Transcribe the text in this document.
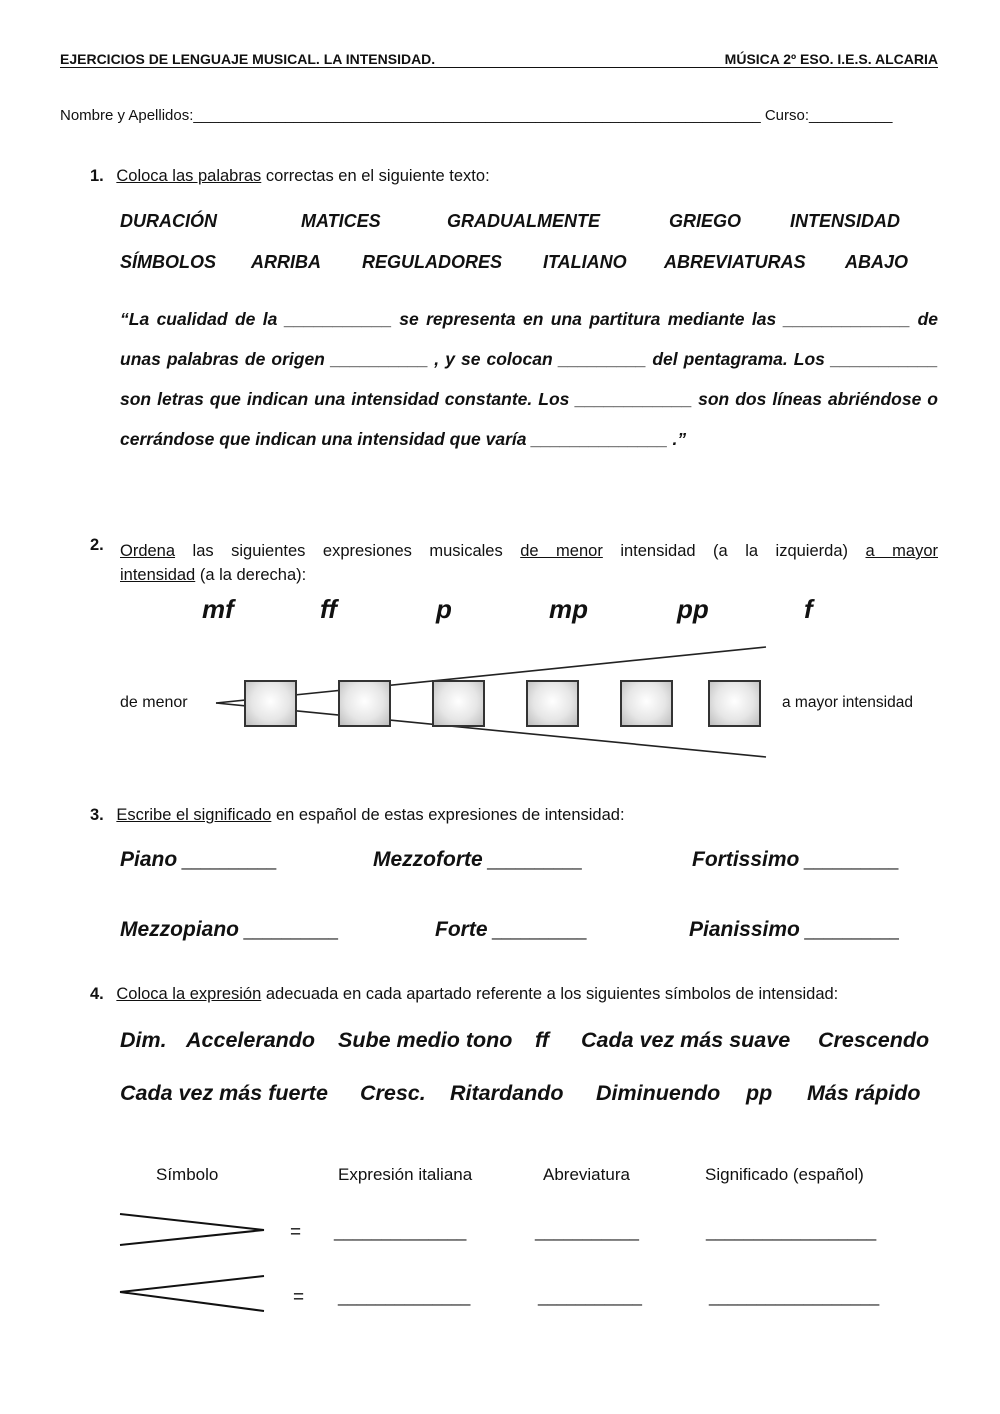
EJERCICIOS DE LENGUAJE MUSICAL. LA INTENSIDAD.	MÚSICA 2º ESO. I.E.S. ALCARIA
Nombre y Apellidos:____________________________________________________________________ Curso:__________
1. Coloca las palabras correctas en el siguiente texto:
DURACIÓN	MATICES	GRADUALMENTE	GRIEGO	INTENSIDAD
SÍMBOLOS ARRIBA REGULADORES ITALIANO ABREVIATURAS ABAJO
“La cualidad de la ___________ se representa en una partitura mediante las _____________ de unas palabras de origen __________ , y se colocan _________ del pentagrama. Los ___________ son letras que indican una intensidad constante. Los ____________ son dos líneas abriéndose o cerrándose que indican una intensidad que varía ______________ .”
2. Ordena las siguientes expresiones musicales de menor intensidad (a la izquierda) a mayor
intensidad (a la derecha):
mf	ff	p	mp	pp	f
de menor	a mayor intensidad
3. Escribe el significado en español de estas expresiones de intensidad:
Piano __________	Mezzoforte __________	Fortissimo __________
Mezzopiano __________	Forte __________	Pianissimo __________
4. Coloca la expresión adecuada en cada apartado referente a los siguientes símbolos de intensidad:
Dim. Accelerando Sube medio tono ff Cada vez más suave Crescendo
Cada vez más fuerte Cresc. Ritardando Diminuendo pp Más rápido
Símbolo	Expresión italiana	Abreviatura	Significado (español)
= ______________	___________	__________________
= ______________	___________	__________________
